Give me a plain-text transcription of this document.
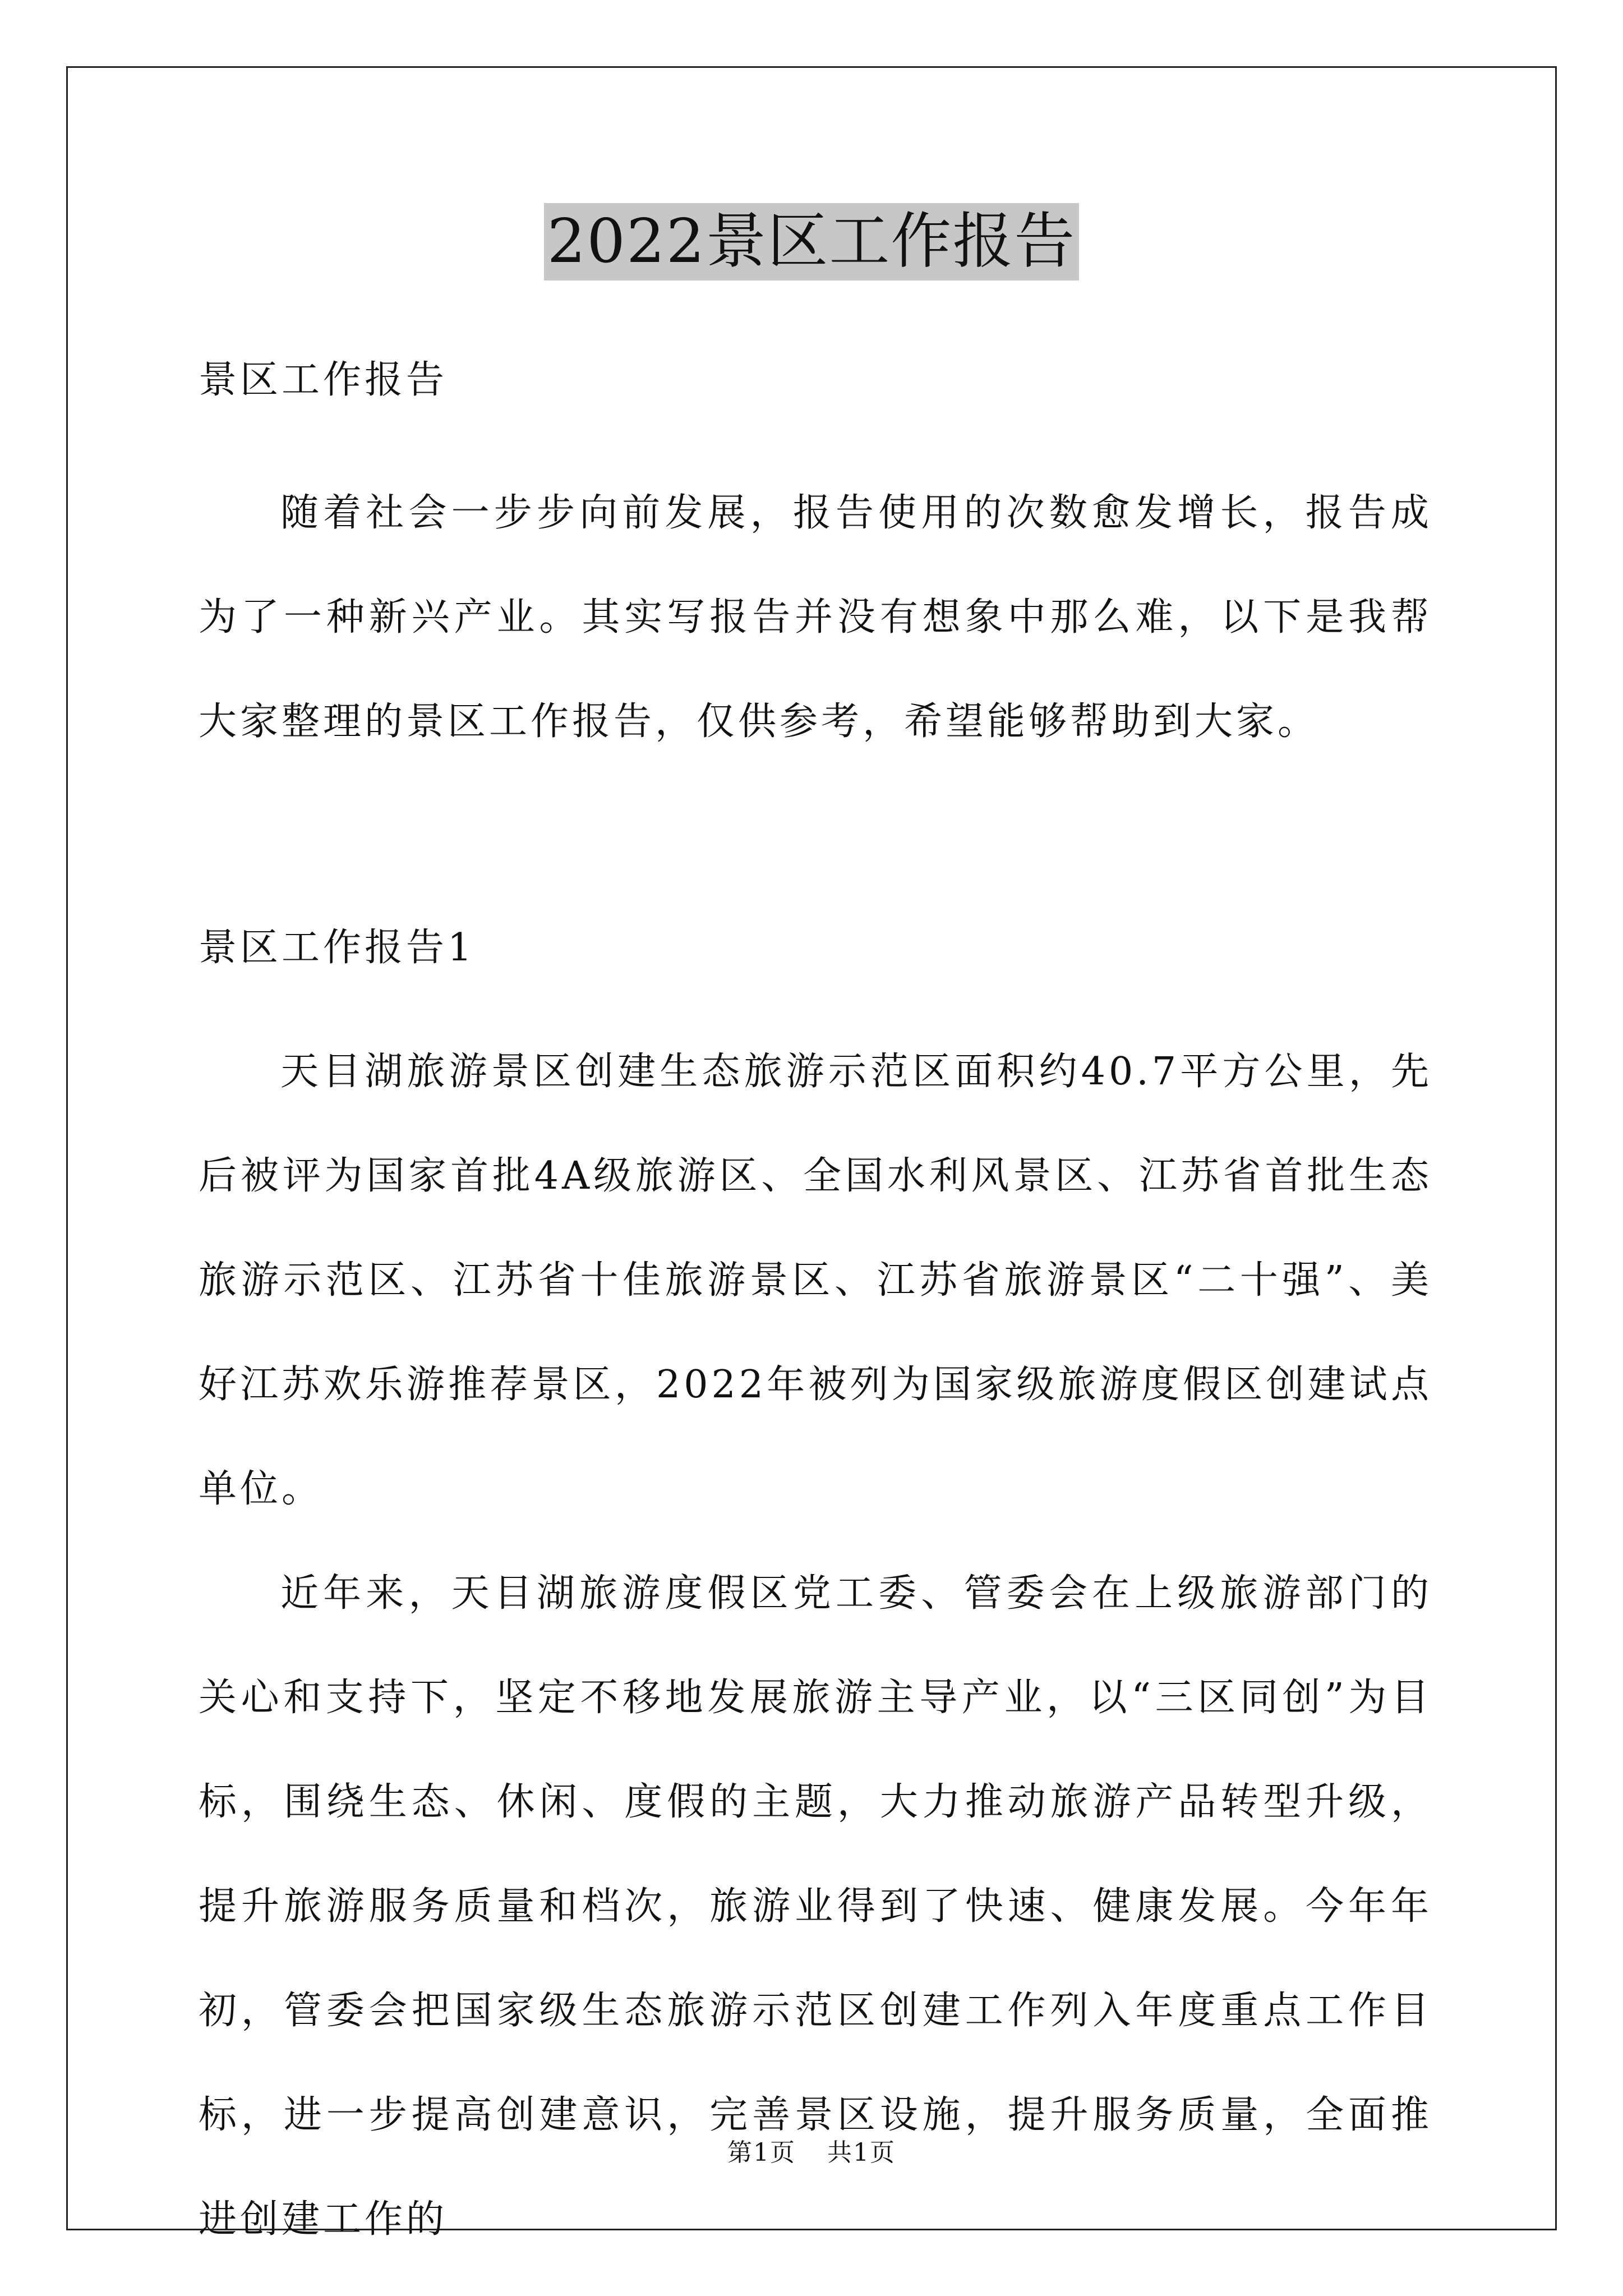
2022景区工作报告

景区工作报告

随着社会一步步向前发展，报告使用的次数愈发增长，报告成为了一种新兴产业。其实写报告并没有想象中那么难，以下是我帮大家整理的景区工作报告，仅供参考，希望能够帮助到大家。

景区工作报告1

天目湖旅游景区创建生态旅游示范区面积约40.7平方公里，先后被评为国家首批4A级旅游区、全国水利风景区、江苏省首批生态旅游示范区、江苏省十佳旅游景区、江苏省旅游景区“二十强”、美好江苏欢乐游推荐景区，2022年被列为国家级旅游度假区创建试点单位。

近年来，天目湖旅游度假区党工委、管委会在上级旅游部门的关心和支持下，坚定不移地发展旅游主导产业，以“三区同创”为目标，围绕生态、休闲、度假的主题，大力推动旅游产品转型升级，提升旅游服务质量和档次，旅游业得到了快速、健康发展。今年年初，管委会把国家级生态旅游示范区创建工作列入年度重点工作目标，进一步提高创建意识，完善景区设施，提升服务质量，全面推进创建工作的

第1页 共1页
